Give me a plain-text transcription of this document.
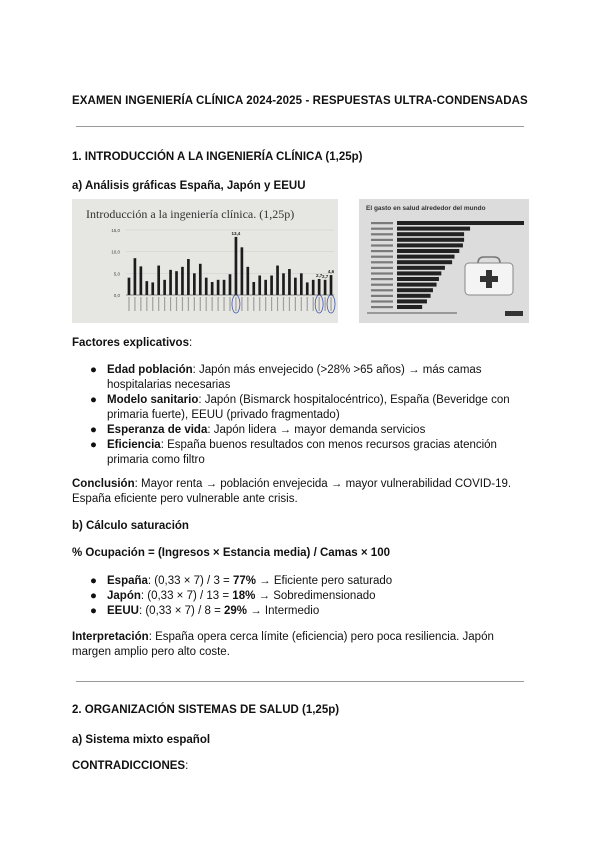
EXAMEN INGENIERÍA CLÍNICA 2024-2025 - RESPUESTAS ULTRA-CONDENSADAS
1. INTRODUCCIÓN A LA INGENIERÍA CLÍNICA (1,25p)
a) Análisis gráficas España, Japón y EEUU
Introducción a la ingeniería clínica. (1,25p)
15,0
10,0
5,0
0,0
13,4
2,7 2,7
4,6
El gasto en salud alrededor del mundo
Factores explicativos:
● Edad población: Japón más envejecido (>28% >65 años) → más camas hospitalarias necesarias
● Modelo sanitario: Japón (Bismarck hospitalocéntrico), España (Beveridge con primaria fuerte), EEUU (privado fragmentado)
● Esperanza de vida: Japón lidera → mayor demanda servicios
● Eficiencia: España buenos resultados con menos recursos gracias atención primaria como filtro
Conclusión: Mayor renta → población envejecida → mayor vulnerabilidad COVID-19. España eficiente pero vulnerable ante crisis.
b) Cálculo saturación
% Ocupación = (Ingresos × Estancia media) / Camas × 100
● España: (0,33 × 7) / 3 = 77% → Eficiente pero saturado
● Japón: (0,33 × 7) / 13 = 18% → Sobredimensionado
● EEUU: (0,33 × 7) / 8 = 29% → Intermedio
Interpretación: España opera cerca límite (eficiencia) pero poca resiliencia. Japón margen amplio pero alto coste.
2. ORGANIZACIÓN SISTEMAS DE SALUD (1,25p)
a) Sistema mixto español
CONTRADICCIONES:
